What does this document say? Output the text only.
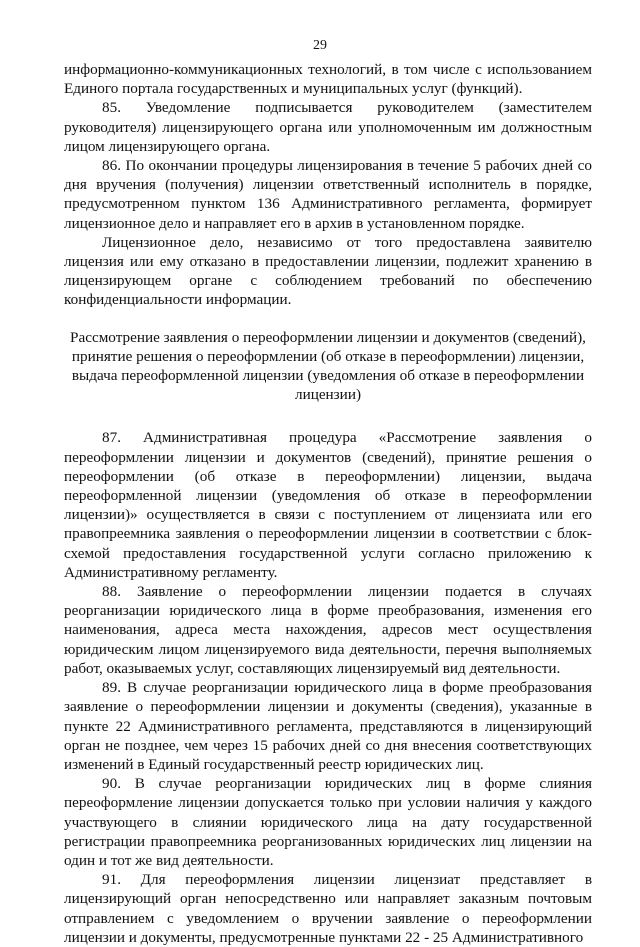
29

информационно-коммуникационных технологий, в том числе с использованием Единого портала государственных и муниципальных услуг (функций).

85. Уведомление подписывается руководителем (заместителем руководителя) лицензирующего органа или уполномоченным им должностным лицом лицензирующего органа.

86. По окончании процедуры лицензирования в течение 5 рабочих дней со дня вручения (получения) лицензии ответственный исполнитель в порядке, предусмотренном пунктом 136 Административного регламента, формирует лицензионное дело и направляет его в архив в установленном порядке.

Лицензионное дело, независимо от того предоставлена заявителю лицензия или ему отказано в предоставлении лицензии, подлежит хранению в лицензирующем органе с соблюдением требований по обеспечению конфиденциальности информации.

Рассмотрение заявления о переоформлении лицензии и документов (сведений), принятие решения о переоформлении (об отказе в переоформлении) лицензии, выдача переоформленной лицензии (уведомления об отказе в переоформлении лицензии)

87. Административная процедура «Рассмотрение заявления о переоформлении лицензии и документов (сведений), принятие решения о переоформлении (об отказе в переоформлении) лицензии, выдача переоформленной лицензии (уведомления об отказе в переоформлении лицензии)» осуществляется в связи с поступлением от лицензиата или его правопреемника заявления о переоформлении лицензии в соответствии с блок-схемой предоставления государственной услуги согласно приложению к Административному регламенту.

88. Заявление о переоформлении лицензии подается в случаях реорганизации юридического лица в форме преобразования, изменения его наименования, адреса места нахождения, адресов мест осуществления юридическим лицом лицензируемого вида деятельности, перечня выполняемых работ, оказываемых услуг, составляющих лицензируемый вид деятельности.

89. В случае реорганизации юридического лица в форме преобразования заявление о переоформлении лицензии и документы (сведения), указанные в пункте 22 Административного регламента, представляются в лицензирующий орган не позднее, чем через 15 рабочих дней со дня внесения соответствующих изменений в Единый государственный реестр юридических лиц.

90. В случае реорганизации юридических лиц в форме слияния переоформление лицензии допускается только при условии наличия у каждого участвующего в слиянии юридического лица на дату государственной регистрации правопреемника реорганизованных юридических лиц лицензии на один и тот же вид деятельности.

91. Для переоформления лицензии лицензиат представляет в лицензирующий орган непосредственно или направляет заказным почтовым отправлением с уведомлением о вручении заявление о переоформлении лицензии и документы, предусмотренные пунктами 22 - 25 Административного
